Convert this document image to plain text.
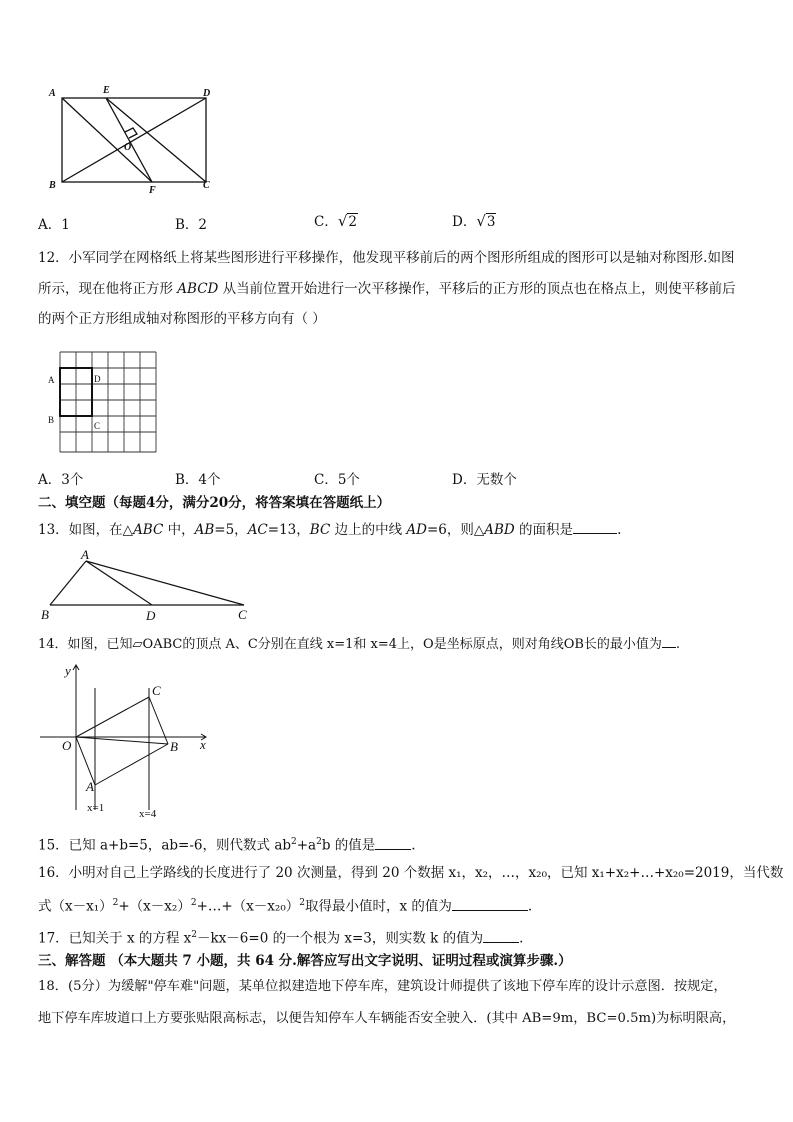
A	E	D
O
B	F	C
A．1	B．2	C．√2	D．√3
12．小军同学在网格纸上将某些图形进行平移操作，他发现平移前后的两个图形所组成的图形可以是轴对称图形.如图
所示，现在他将正方形 ABCD 从当前位置开始进行一次平移操作，平移后的正方形的顶点也在格点上，则使平移前后
的两个正方形组成轴对称图形的平移方向有（ ）
A	D
B
C
A．3个	B．4个	C．5个	D．无数个
二、填空题（每题4分，满分20分，将答案填在答题纸上）
13．如图，在△ABC 中，AB=5，AC=13，BC 边上的中线 AD=6，则△ABD 的面积是	.
A
B	D	C
14．如图，已知▱OABC的顶点 A、C分别在直线 x=1和 x=4上，O是坐标原点，则对角线OB长的最小值为 .
y
x
O
A
B
C
x=1	x=4
15．已知 a+b=5，ab=-6，则代数式 $ab^2+a^2b$ 的值是	.
16．小明对自己上学路线的长度进行了 20 次测量，得到 20 个数据 x₁，x₂，…，x₂₀，已知 x₁+x₂+…+x₂₀=2019，当代数
式$(x-x_1)^2+(x-x_2)^2+\dots+(x-x_{20})^2$取得最小值时，x 的值为	.
17．已知关于 x 的方程 $x^2-kx-6=0$ 的一个根为 x=3，则实数 k 的值为	.
三、解答题 （本大题共 7 小题，共 64 分.解答应写出文字说明、证明过程或演算步骤.）
18．(5分）为缓解"停车难"问题，某单位拟建造地下停车库，建筑设计师提供了该地下停车库的设计示意图．按规定，
地下停车库坡道口上方要张贴限高标志，以便告知停车人车辆能否安全驶入．(其中 AB=9m，BC=0.5m)为标明限高，
